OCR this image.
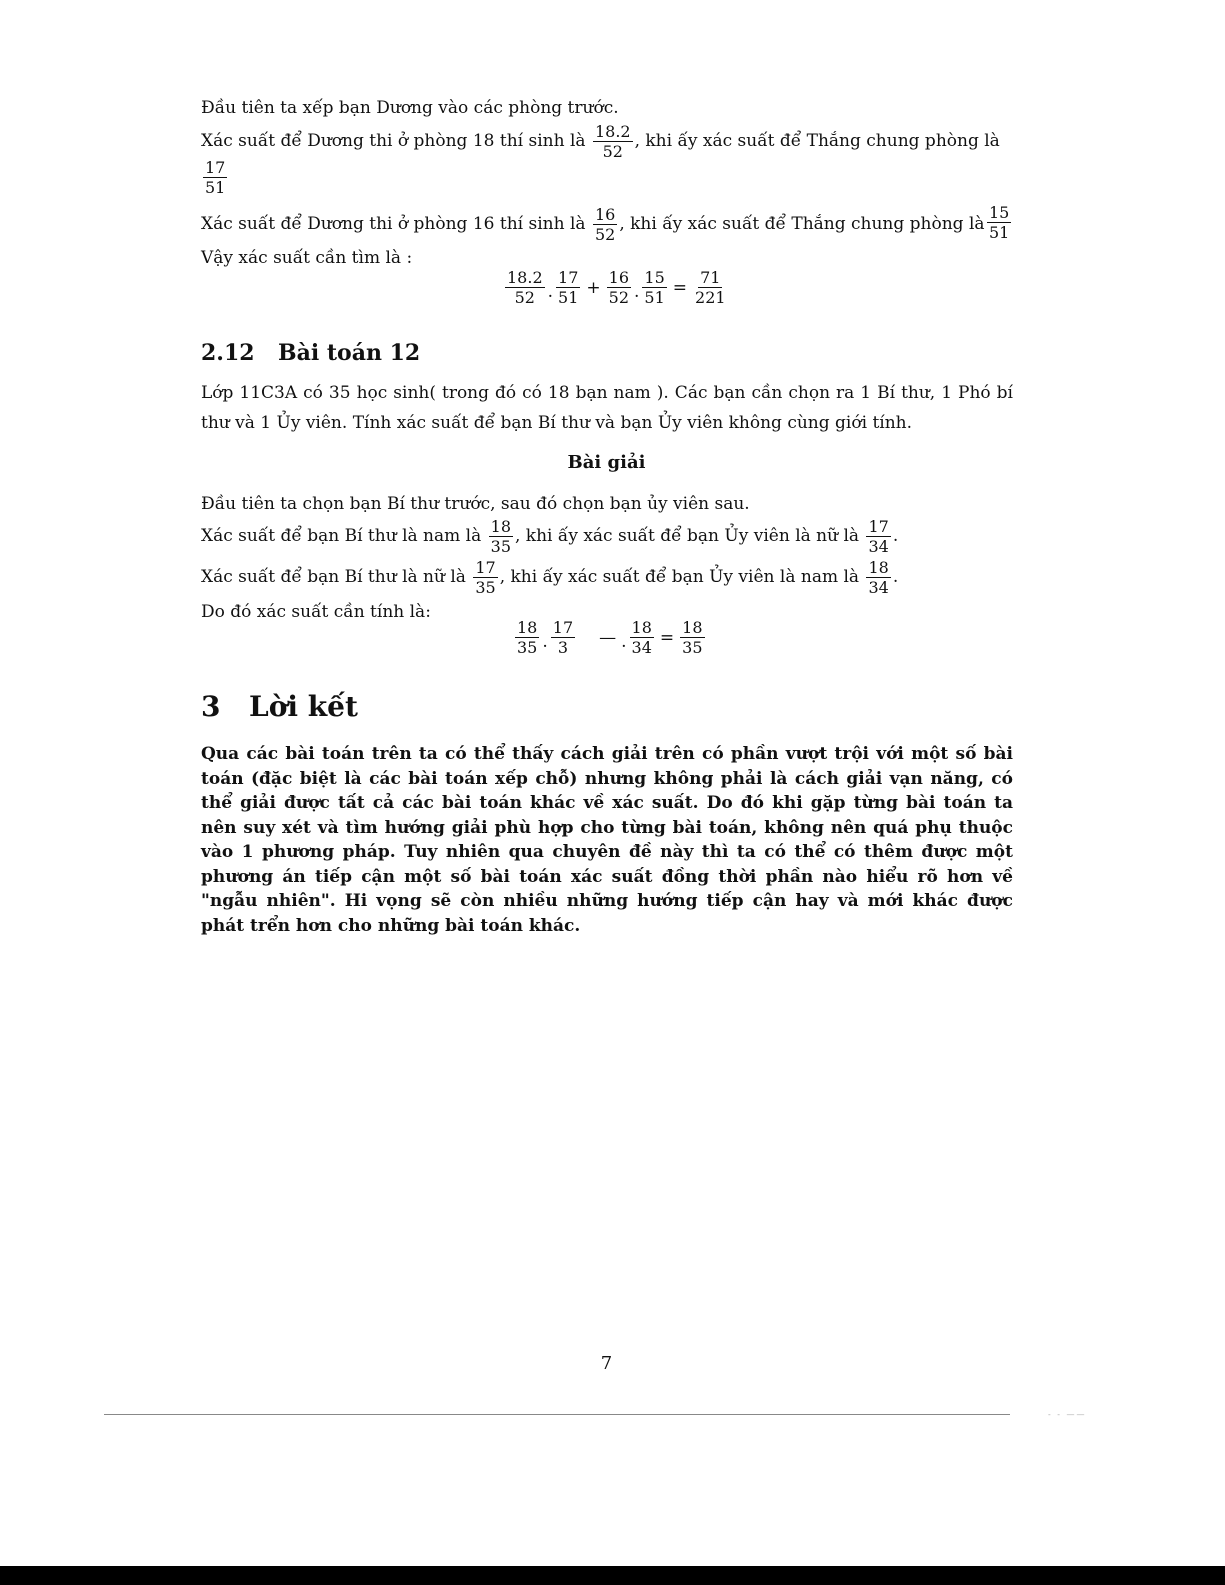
Đầu tiên ta xếp bạn Dương vào các phòng trước.
Xác suất để Dương thi ở phòng 18 thí sinh là $\frac{18.2}{52}$ , khi ấy xác suất để Thắng chung phòng là
$\frac{17}{51}$
Xác suất để Dương thi ở phòng 16 thí sinh là $\frac{16}{52}$ , khi ấy xác suất để Thắng chung phòng là $\frac{15}{51}$
Vậy xác suất cần tìm là :
$\frac{18.2}{52}$ . $\frac{17}{51} + \frac{16}{52}$ . $\frac{15}{51} = \frac{71}{221}$
2.12 Bài toán 12
Lớp 11C3A có 35 học sinh( trong đó có 18 bạn nam ). Các bạn cần chọn ra 1 Bí thư, 1 Phó bí thư và 1 Ủy viên. Tính xác suất để bạn Bí thư và bạn Ủy viên không cùng giới tính.
Bài giải
Đầu tiên ta chọn bạn Bí thư trước, sau đó chọn bạn ủy viên sau.
Xác suất để bạn Bí thư là nam là $\frac{18}{35}$ , khi ấy xác suất để bạn Ủy viên là nữ là $\frac{17}{34}$ .
Xác suất để bạn Bí thư là nữ là $\frac{17}{35}$ , khi ấy xác suất để bạn Ủy viên là nam là $\frac{18}{34}$ .
Do đó xác suất cần tính là:
$\frac{18}{35}$ . $\frac{17}{3}$ — . $\frac{18}{34} = \frac{18}{35}$
3 Lời kết
Qua các bài toán trên ta có thể thấy cách giải trên có phần vượt trội với một số bài toán (đặc biệt là các bài toán xếp chỗ) nhưng không phải là cách giải vạn năng, có thể giải được tất cả các bài toán khác về xác suất. Do đó khi gặp từng bài toán ta nên suy xét và tìm hướng giải phù hợp cho từng bài toán, không nên quá phụ thuộc vào 1 phương pháp. Tuy nhiên qua chuyên đề này thì ta có thể có thêm được một phương án tiếp cận một số bài toán xác suất đồng thời phần nào hiểu rõ hơn về "ngẫu nhiên". Hi vọng sẽ còn nhiều những hướng tiếp cận hay và mới khác được phát trển hơn cho những bài toán khác.
7
- - ——
